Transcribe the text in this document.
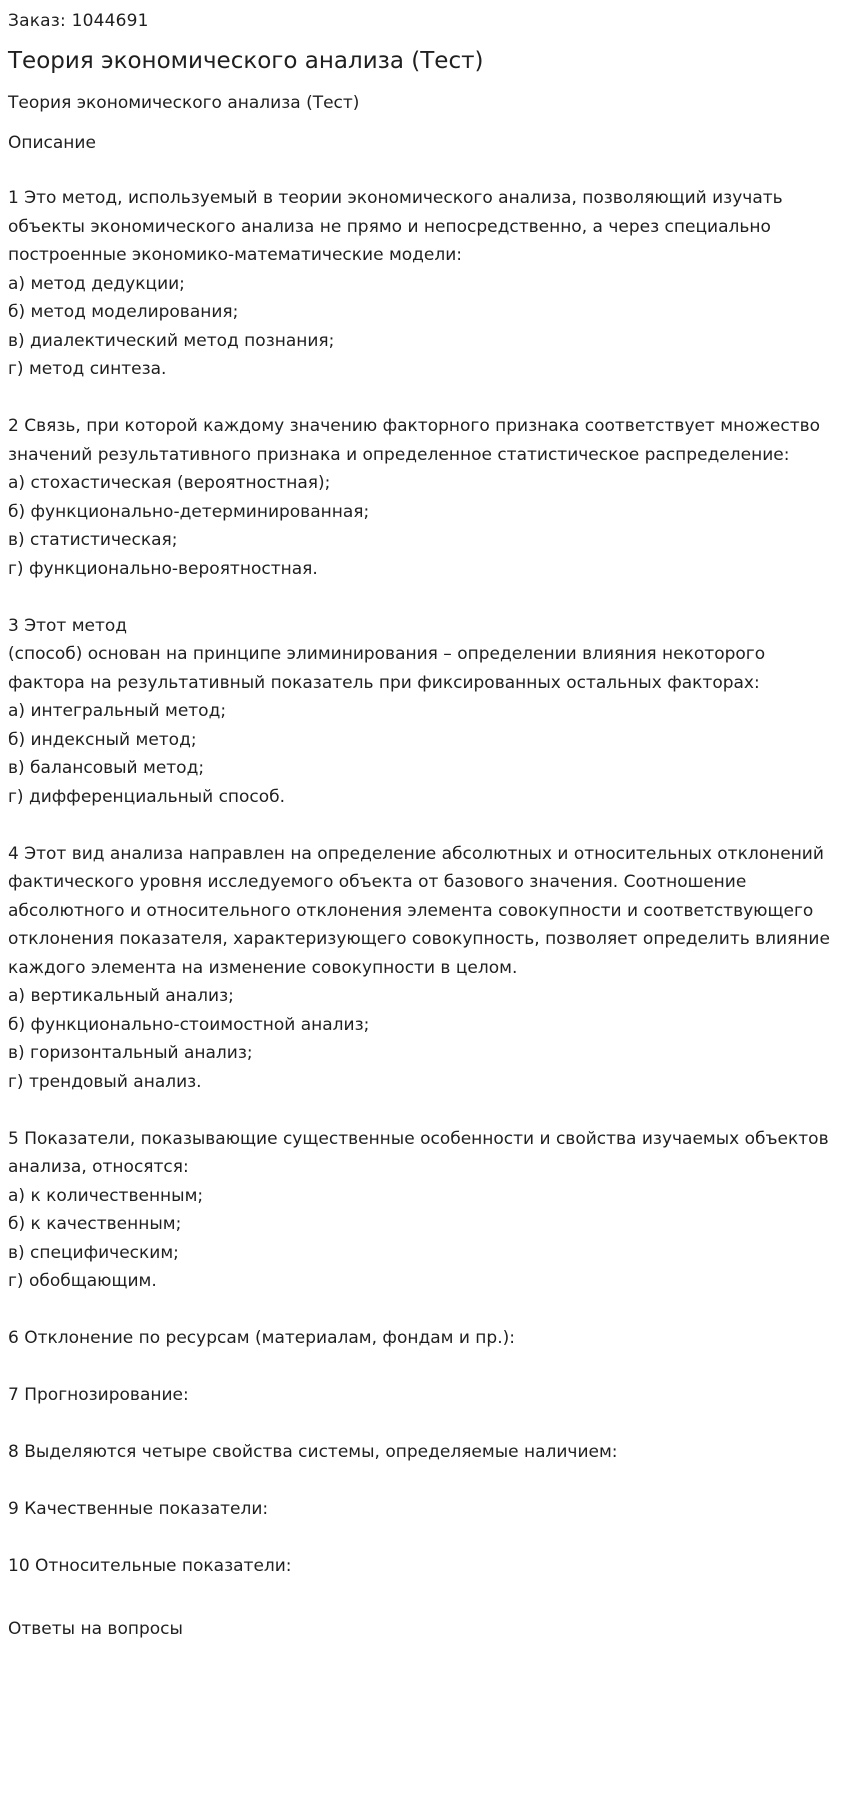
Заказ: 1044691
Теория экономического анализа (Тест)
Теория экономического анализа (Тест)
Описание
1 Это метод, используемый в теории экономического анализа, позволяющий изучать объекты экономического анализа не прямо и непосредственно, а через специально построенные экономико-математические модели:
а) метод дедукции;
б) метод моделирования;
в) диалектический метод познания;
г) метод синтеза.
2 Связь, при которой каждому значению факторного признака соответствует множество значений результативного признака и определенное статистическое распределение:
а) стохастическая (вероятностная);
б) функционально-детерминированная;
в) статистическая;
г) функционально-вероятностная.
3 Этот метод
(способ) основан на принципе элиминирования – определении влияния некоторого фактора на результативный показатель при фиксированных остальных факторах:
а) интегральный метод;
б) индексный метод;
в) балансовый метод;
г) дифференциальный способ.
4 Этот вид анализа направлен на определение абсолютных и относительных отклонений фактического уровня исследуемого объекта от базового значения. Соотношение абсолютного и относительного отклонения элемента совокупности и соответствующего отклонения показателя, характеризующего совокупность, позволяет определить влияние каждого элемента на изменение совокупности в целом.
а) вертикальный анализ;
б) функционально-стоимостной анализ;
в) горизонтальный анализ;
г) трендовый анализ.
5 Показатели, показывающие существенные особенности и свойства изучаемых объектов анализа, относятся:
а) к количественным;
б) к качественным;
в) специфическим;
г) обобщающим.
6 Отклонение по ресурсам (материалам, фондам и пр.):
7 Прогнозирование:
8 Выделяются четыре свойства системы, определяемые наличием:
9 Качественные показатели:
10 Относительные показатели:
Ответы на вопросы
